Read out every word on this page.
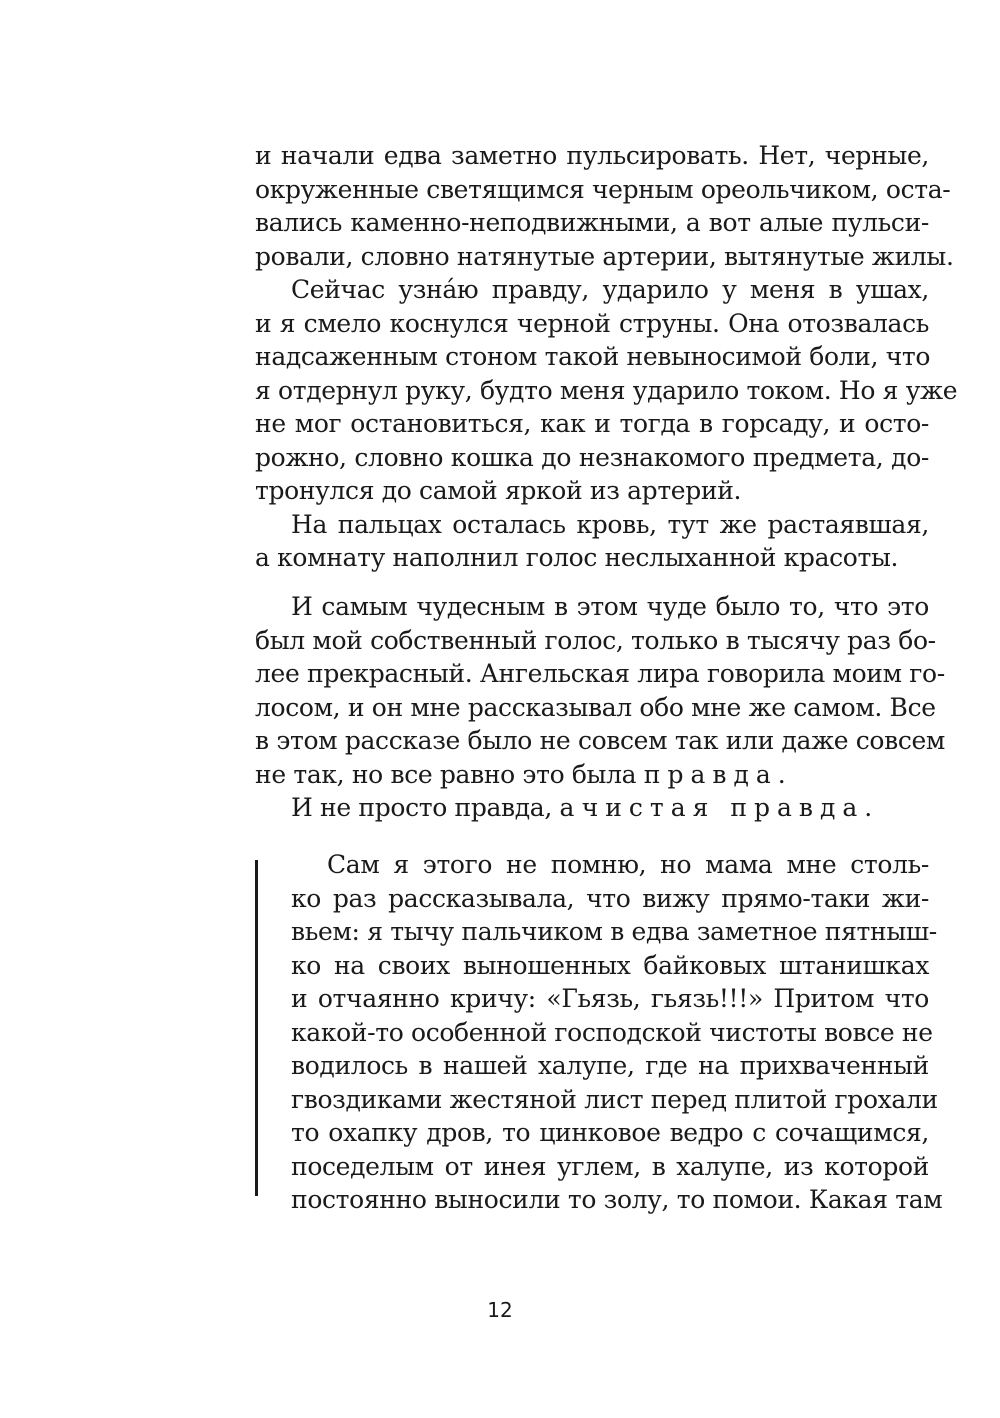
и начали едва заметно пульсировать. Нет, черные,
окруженные светящимся черным ореольчиком, оста-
вались каменно-неподвижными, а вот алые пульси-
ровали, словно натянутые артерии, вытянутые жилы.
Сейчас узнáю правду, ударило у меня в ушах,
и я смело коснулся черной струны. Она отозвалась
надсаженным стоном такой невыносимой боли, что
я отдернул руку, будто меня ударило током. Но я уже
не мог остановиться, как и тогда в горсаду, и осто-
рожно, словно кошка до незнакомого предмета, до-
тронулся до самой яркой из артерий.
На пальцах осталась кровь, тут же растаявшая,
а комнату наполнил голос неслыханной красоты.
И самым чудесным в этом чуде было то, что это
был мой собственный голос, только в тысячу раз бо-
лее прекрасный. Ангельская лира говорила моим го-
лосом, и он мне рассказывал обо мне же самом. Все
в этом рассказе было не совсем так или даже совсем
не так, но все равно это была правда.
И не просто правда, а чистая правда.
Сам я этого не помню, но мама мне столь-
ко раз рассказывала, что вижу прямо-таки жи-
вьем: я тычу пальчиком в едва заметное пятныш-
ко на своих выношенных байковых штанишках
и отчаянно кричу: «Гьязь, гьязь!!!» Притом что
какой-то особенной господской чистоты вовсе не
водилось в нашей халупе, где на прихваченный
гвоздиками жестяной лист перед плитой грохали
то охапку дров, то цинковое ведро с сочащимся,
поседелым от инея углем, в халупе, из которой
постоянно выносили то золу, то помои. Какая там
12
